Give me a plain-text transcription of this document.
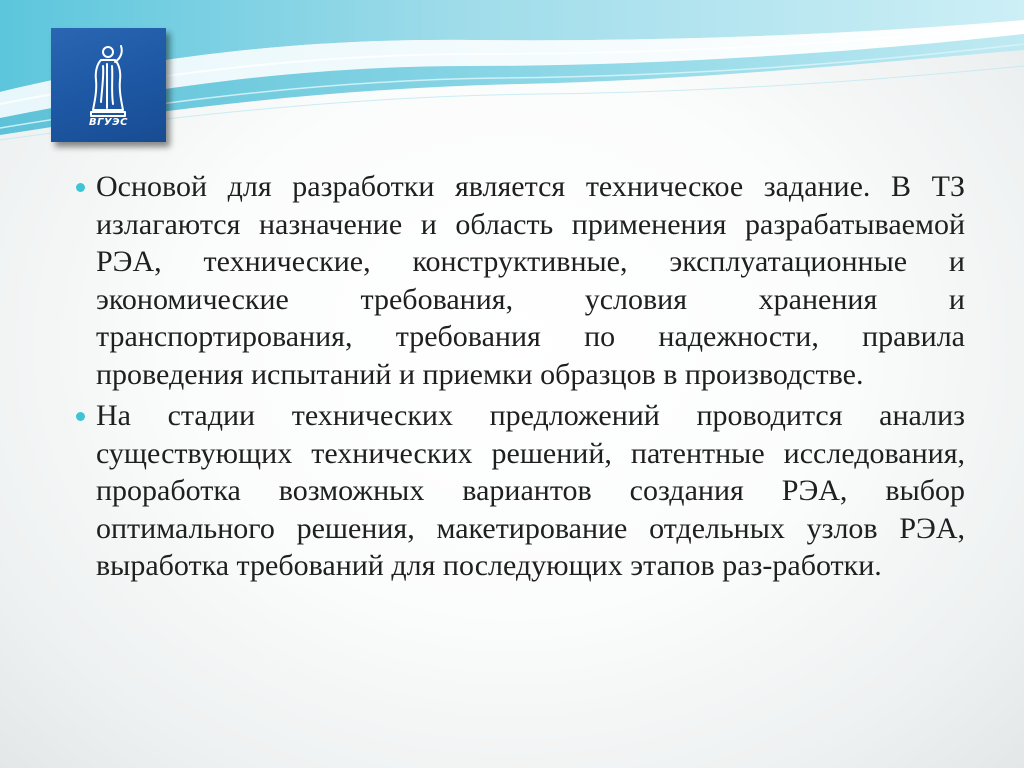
ВГУЭС

Основой для разработки является техническое задание. В ТЗ излагаются назначение и область применения разрабатываемой РЭА, технические, конструктивные, эксплуатационные и экономические требования, условия хранения и транспортирования, требования по надежности, правила проведения испытаний и приемки образцов в производстве.

На стадии технических предложений проводится анализ существующих технических решений, патентные исследования, проработка возможных вариантов создания РЭА, выбор оптимального решения, макетирование отдельных узлов РЭА, выработка требований для последующих этапов раз-работки.
